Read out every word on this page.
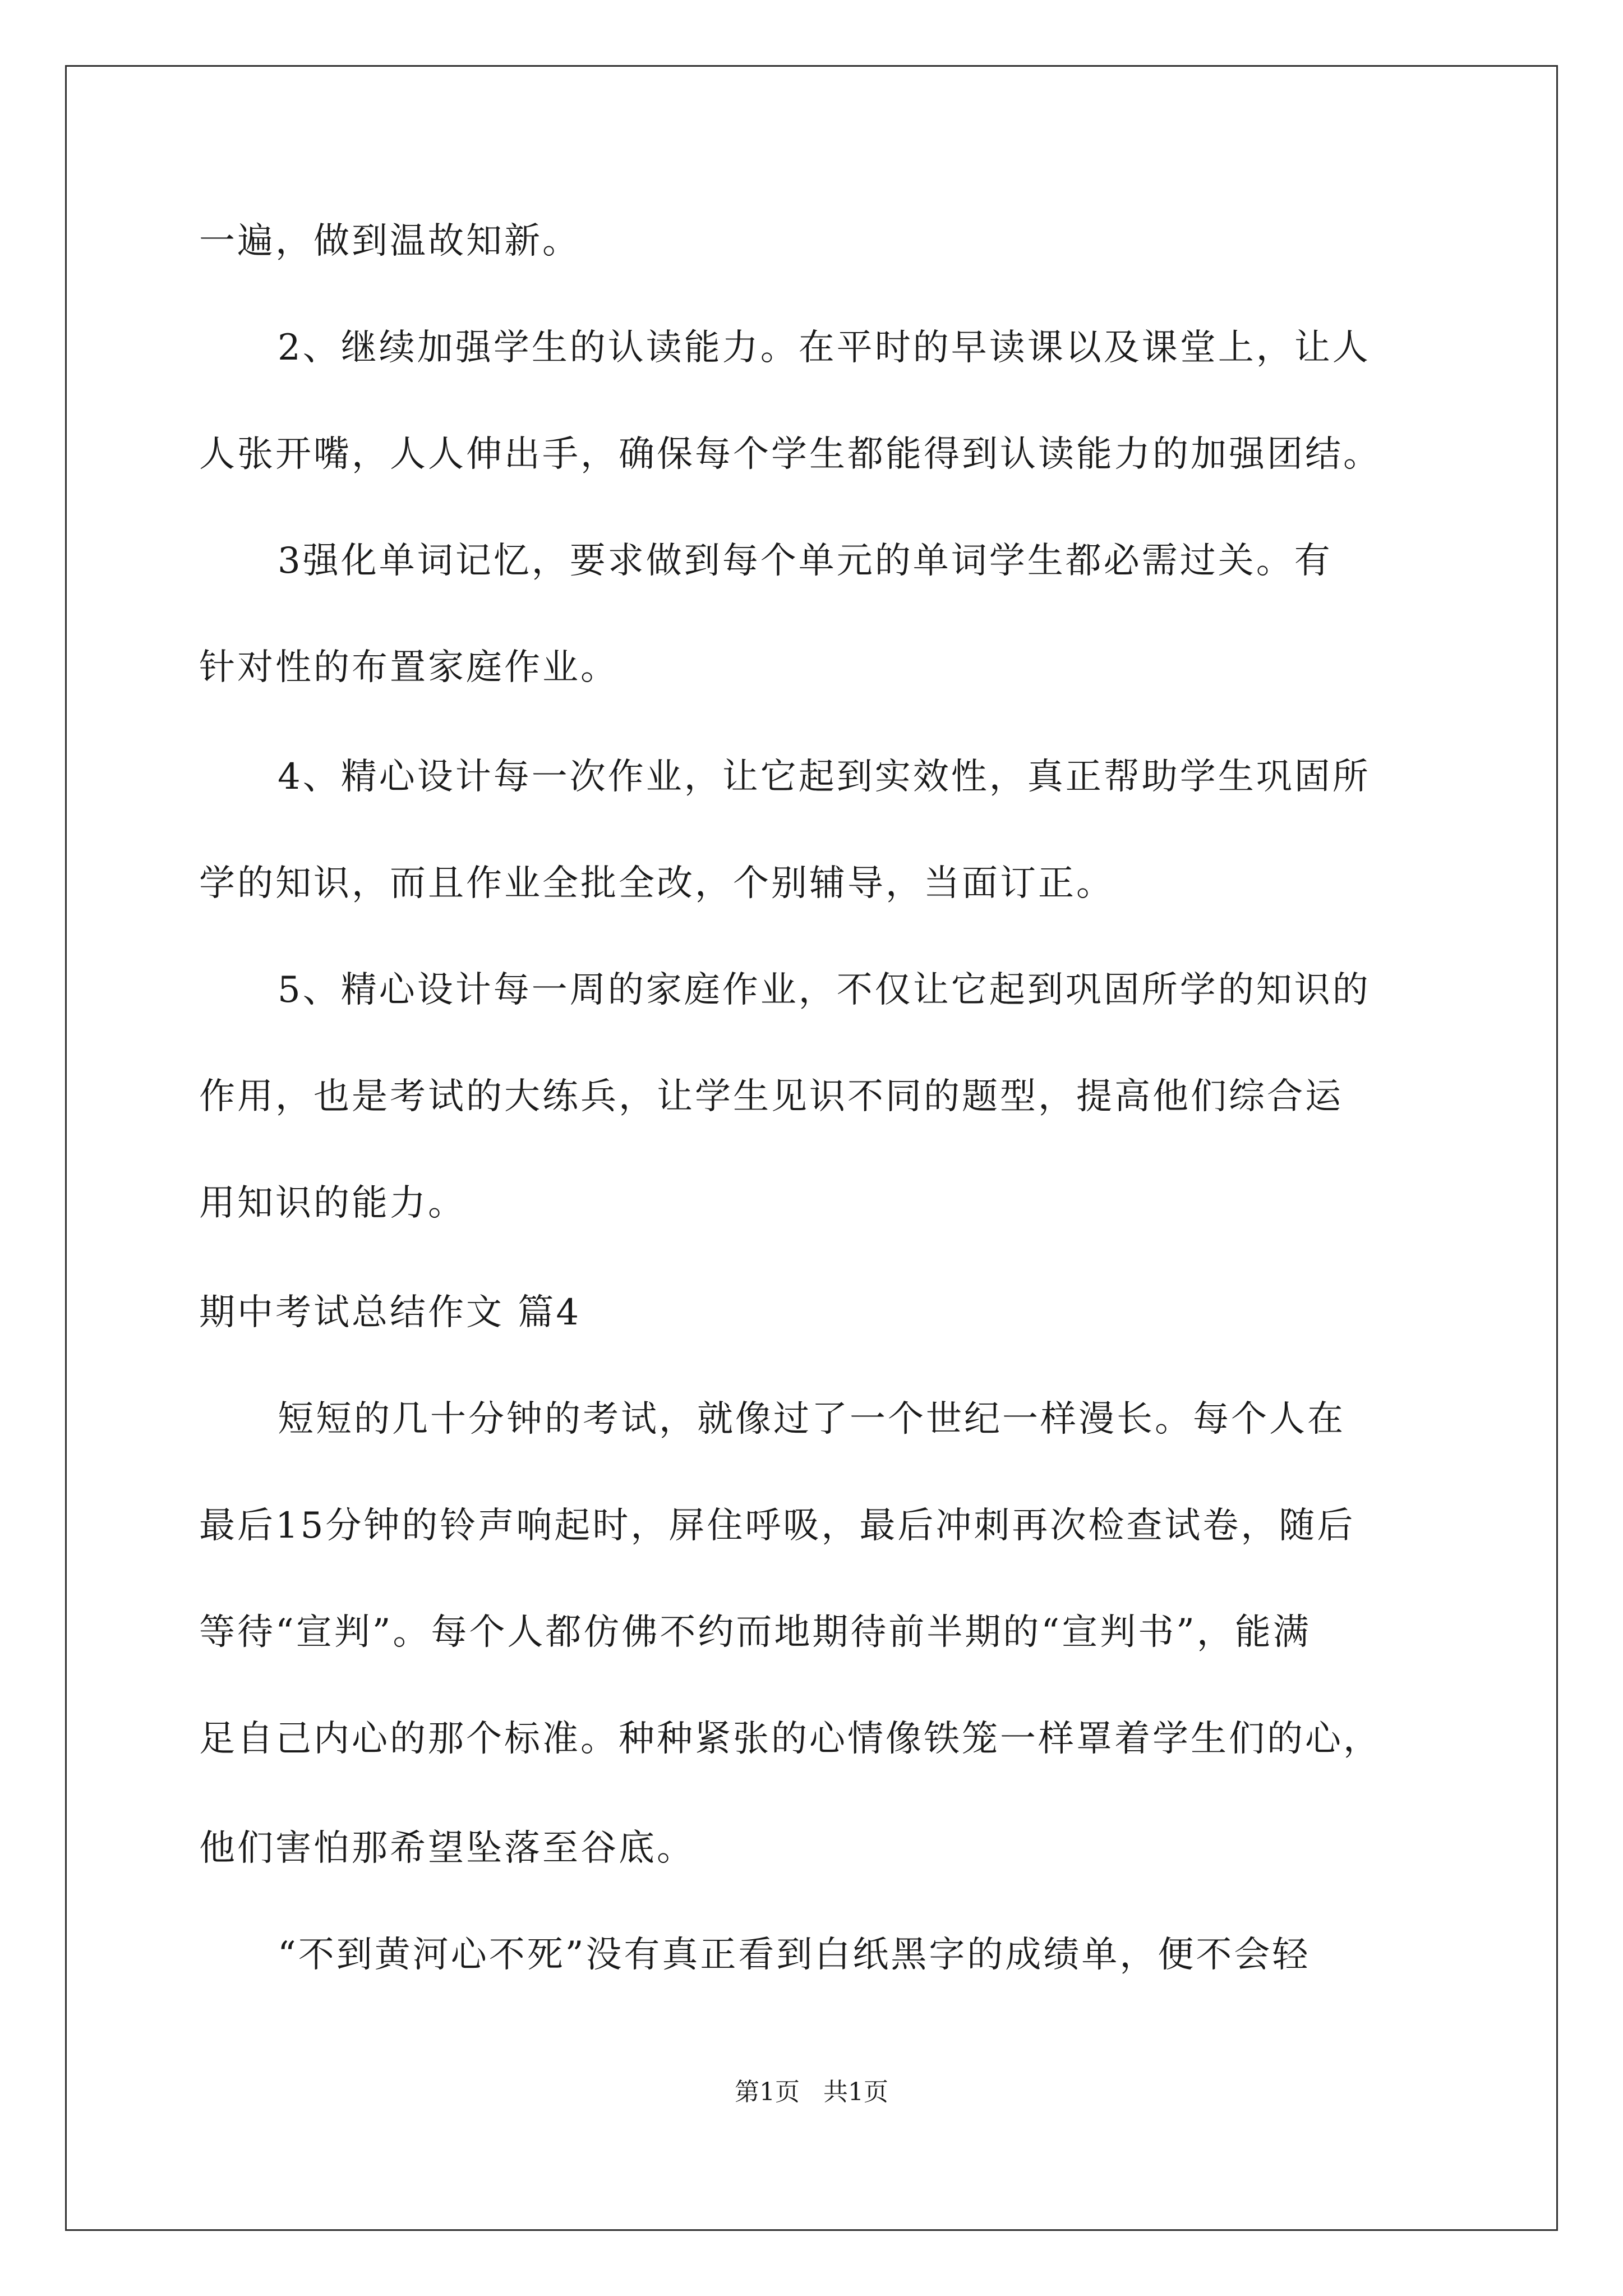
一遍，做到温故知新。
2、继续加强学生的认读能力。在平时的早读课以及课堂上，让人
人张开嘴，人人伸出手，确保每个学生都能得到认读能力的加强团结。
3强化单词记忆，要求做到每个单元的单词学生都必需过关。有
针对性的布置家庭作业。
4、精心设计每一次作业，让它起到实效性，真正帮助学生巩固所
学的知识，而且作业全批全改，个别辅导，当面订正。
5、精心设计每一周的家庭作业，不仅让它起到巩固所学的知识的
作用，也是考试的大练兵，让学生见识不同的题型，提高他们综合运
用知识的能力。
期中考试总结作文 篇4
短短的几十分钟的考试，就像过了一个世纪一样漫长。每个人在
最后15分钟的铃声响起时，屏住呼吸，最后冲刺再次检查试卷，随后
等待“宣判”。每个人都仿佛不约而地期待前半期的“宣判书”，能满
足自己内心的那个标准。种种紧张的心情像铁笼一样罩着学生们的心，
他们害怕那希望坠落至谷底。
“不到黄河心不死”没有真正看到白纸黑字的成绩单，便不会轻
第1页   共1页
